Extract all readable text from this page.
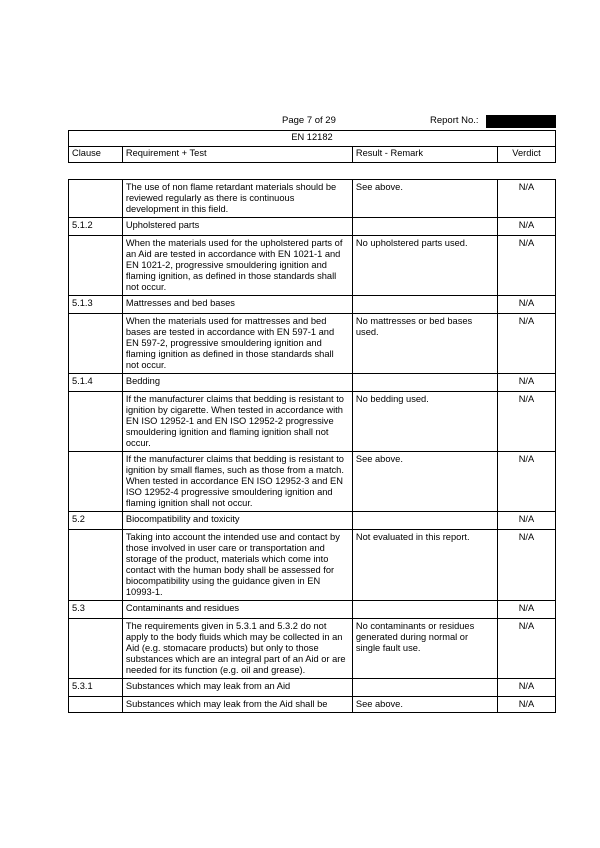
Page 7 of 29	Report No.:
EN 12182
Clause	Requirement + Test	Result - Remark	Verdict
	The use of non flame retardant materials should be reviewed regularly as there is continuous development in this field.	See above.	N/A
5.1.2	Upholstered parts		N/A
	When the materials used for the upholstered parts of an Aid are tested in accordance with EN 1021-1 and EN 1021-2, progressive smouldering ignition and flaming ignition, as defined in those standards shall not occur.	No upholstered parts used.	N/A
5.1.3	Mattresses and bed bases		N/A
	When the materials used for mattresses and bed bases are tested in accordance with EN 597-1 and EN 597-2, progressive smouldering ignition and flaming ignition as defined in those standards shall not occur.	No mattresses or bed bases used.	N/A
5.1.4	Bedding		N/A
	If the manufacturer claims that bedding is resistant to ignition by cigarette. When tested in accordance with EN ISO 12952-1 and EN ISO 12952-2 progressive smouldering ignition and flaming ignition shall not occur.	No bedding used.	N/A
	If the manufacturer claims that bedding is resistant to ignition by small flames, such as those from a match. When tested in accordance EN ISO 12952-3 and EN ISO 12952-4 progressive smouldering ignition and flaming ignition shall not occur.	See above.	N/A
5.2	Biocompatibility and toxicity		N/A
	Taking into account the intended use and contact by those involved in user care or transportation and storage of the product, materials which come into contact with the human body shall be assessed for biocompatibility using the guidance given in EN 10993-1.	Not evaluated in this report.	N/A
5.3	Contaminants and residues		N/A
	The requirements given in 5.3.1 and 5.3.2 do not apply to the body fluids which may be collected in an Aid (e.g. stomacare products) but only to those substances which are an integral part of an Aid or are needed for its function (e.g. oil and grease).	No contaminants or residues generated during normal or single fault use.	N/A
5.3.1	Substances which may leak from an Aid		N/A
	Substances which may leak from the Aid shall be	See above.	N/A
